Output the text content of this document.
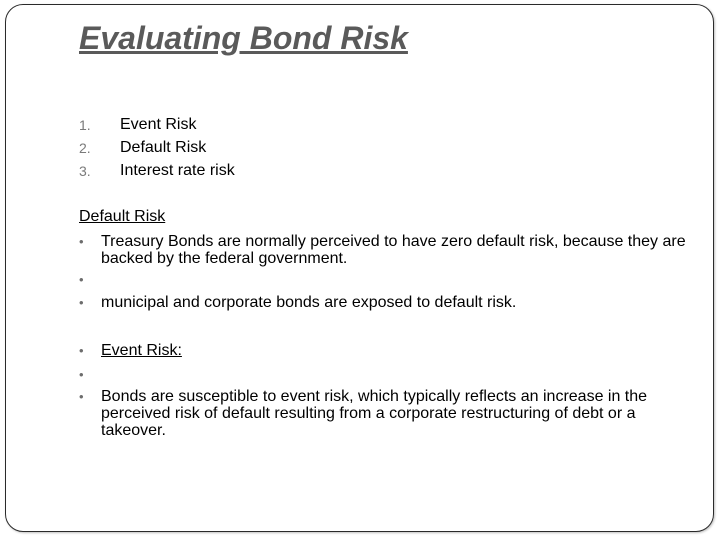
Evaluating Bond Risk
1. Event Risk
2. Default Risk
3. Interest rate risk
Default Risk
• Treasury Bonds are normally perceived to have zero default risk, because they are backed by the federal government.
•
• municipal and corporate bonds are exposed to default risk.
• Event Risk:
•
• Bonds are susceptible to event risk, which typically reflects an increase in the perceived risk of default resulting from a corporate restructuring of debt or a takeover.
